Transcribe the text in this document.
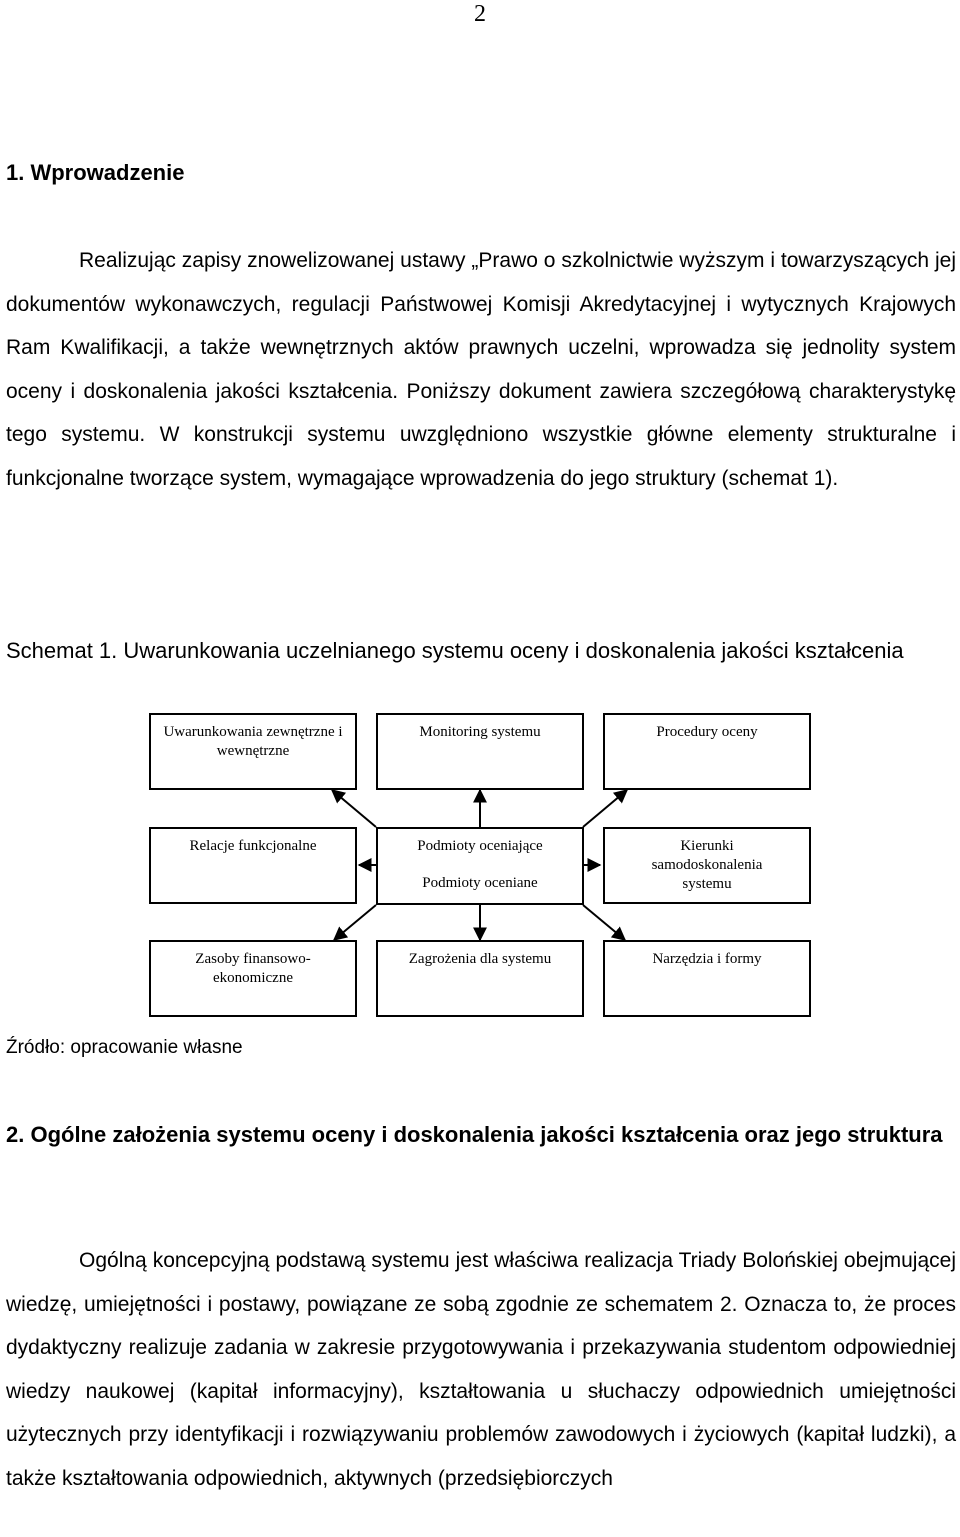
2
1. Wprowadzenie
Realizując zapisy znowelizowanej ustawy „Prawo o szkolnictwie wyższym i towarzyszących jej dokumentów wykonawczych, regulacji Państwowej Komisji Akredytacyjnej i wytycznych Krajowych Ram Kwalifikacji, a także wewnętrznych aktów prawnych uczelni, wprowadza się jednolity system oceny i doskonalenia jakości kształcenia. Poniższy dokument zawiera szczegółową charakterystykę tego systemu. W konstrukcji systemu uwzględniono wszystkie główne elementy strukturalne i funkcjonalne tworzące system, wymagające wprowadzenia do jego struktury (schemat 1).
Schemat 1. Uwarunkowania uczelnianego systemu oceny i doskonalenia jakości kształcenia
Uwarunkowania zewnętrzne i wewnętrzne
Monitoring systemu	Procedury oceny
Relacje funkcjonalne	Podmioty oceniające
Podmioty oceniane
Kierunki samodoskonalenia systemu
Zasoby finansowo-ekonomiczne
Zagrożenia dla systemu	Narzędzia i formy
Źródło: opracowanie własne
2. Ogólne założenia systemu oceny i doskonalenia jakości kształcenia oraz jego struktura
Ogólną koncepcyjną podstawą systemu jest właściwa realizacja Triady Bolońskiej obejmującej wiedzę, umiejętności i postawy, powiązane ze sobą zgodnie ze schematem 2. Oznacza to, że proces dydaktyczny realizuje zadania w zakresie przygotowywania i przekazywania studentom odpowiedniej wiedzy naukowej (kapitał informacyjny), kształtowania u słuchaczy odpowiednich umiejętności użytecznych przy identyfikacji i rozwiązywaniu problemów zawodowych i życiowych (kapitał ludzki), a także kształtowania odpowiednich, aktywnych (przedsiębiorczych
